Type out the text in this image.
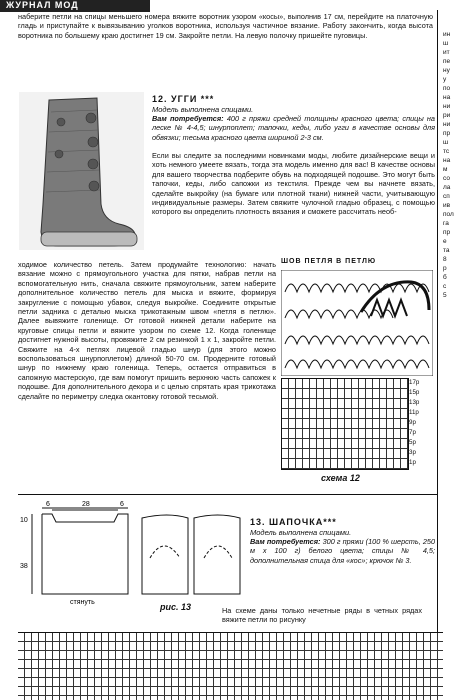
ЖУРНАЛ МОД
наберите петли на спицы меньшего номера вяжите воротник узором «косы», выполнив 17 см, перейдите на платочную гладь и приступайте к вывязыванию уголков воротника, используя частичное вязание. Работу закончить, когда высота воротника по большему краю достигнет 19 см. Закройте петли. На левую полочку пришейте пуговицы.
12. УГГИ ***
Модель выполнена спицами.
Вам потребуется: 400 г пряжи средней толщины красного цвета; спицы на леске № 4-4,5; шнурпоплет; тапочки, кеды, либо угги в качестве основы для обвязки; тесьма красного цвета шириной 2-3 см.
Если вы следите за последними новинками моды, любите дизайнерские вещи и хоть немного умеете вязать, тогда эта модель именно для вас! В качестве основы для вашего творчества подберите обувь на подходящей подошве. Это могут быть тапочки, кеды, либо сапожки из текстиля. Прежде чем вы начнете вязать, сделайте выкройку (на бумаге или плотной ткани) нижней части, учитывающую индивидуальные размеры. Затем свяжите чулочной гладью образец, с помощью которого вы определить плотность вязания и сможете рассчитать необ-
ШОВ ПЕТЛЯ В ПЕТЛЮ
ходимое количество петель. Затем продумайте технологию: начать вязание можно с прямоугольного участка для пятки, набрав петли на вспомогательную нить, сначала свяжите прямоугольник, затем наберите дополнительное количество петель для мыска и вяжите, формируя закругление с помощью убавок, следуя выкройке. Соедините открытые петли задника с деталью мыска трикотажным швом «петля в петлю». Далее вывяжите голенище. От готовой нижней детали наберите на круговые спицы петли и вяжите узором по схеме 12. Когда голенище достигнет нужной высоты, провяжите 2 см резинкой 1 х 1, закройте петли. Свяжите на 4-х петлях лицевой гладью шнур (для этого можно воспользоваться шнурпоплетом) длиной 50-70 см. Продерните готовый шнур по нижнему краю голенища. Теперь, остается отправиться в сапожную мастерскую, где вам помогут пришить верхнюю часть сапожек к подошве. Для дополнительного декора и с целью спрятать края трикотажа сделайте по периметру следка окантовку готовой тесьмой.
17р
15р
13р
11р
9р
7р
5р
3р
1р
схема 12
ин
ш
ит
пе
ну
у
по
на
ни
ри
ни
пр
ш
тс
на
м
со
ла
сп
ив
пол
га
пр
е
та
8
р
б
с
5
6	28	6
10
38
стянуть	рис. 13
13. ШАПОЧКА***
Модель выполнена спицами.
Вам потребуется: 300 г пряжи (100 % шерсть, 250 м х 100 г) белого цвета; спицы № 4,5; дополнительная спица для «кос»; крючок № 3.
На схеме даны только нечетные ряды в четных рядах вяжите петли по рисунку
